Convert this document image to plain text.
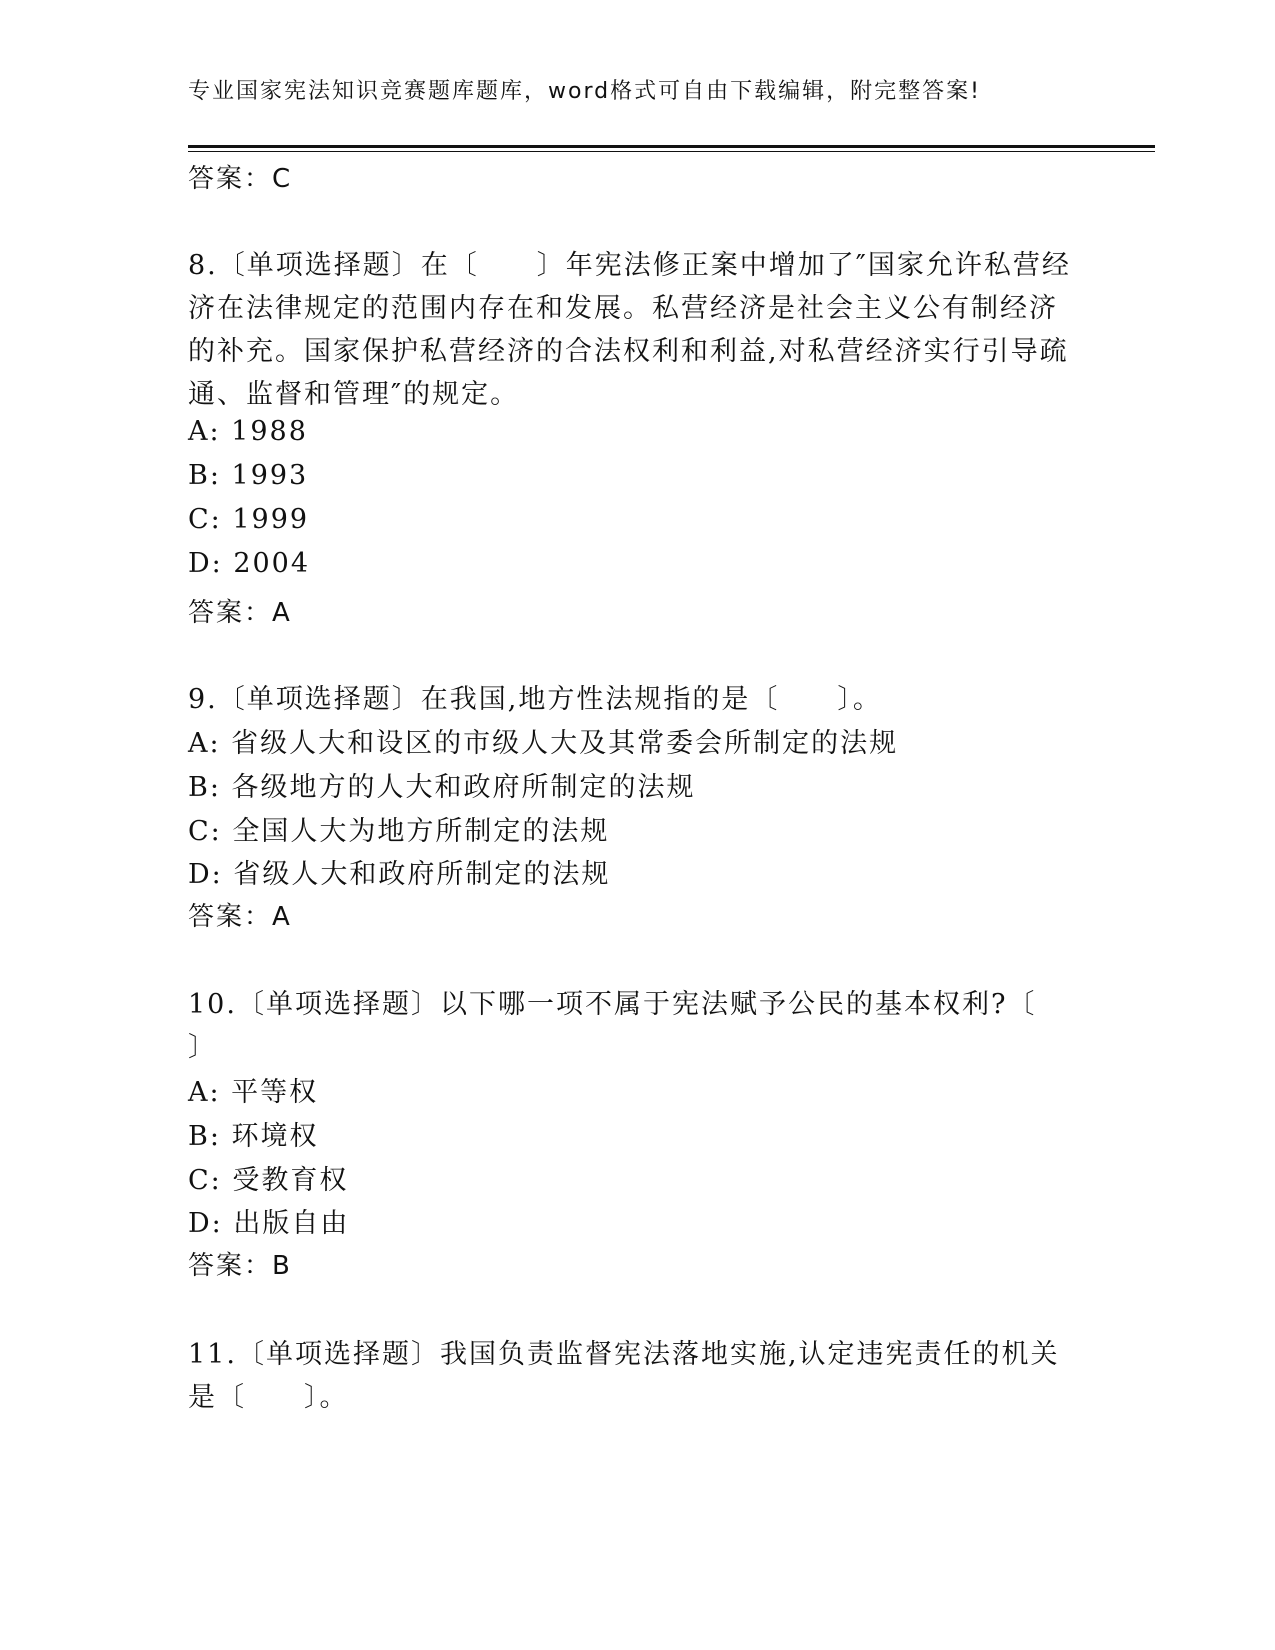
专业国家宪法知识竞赛题库题库，word格式可自由下载编辑，附完整答案!
答案：C
8.〔单项选择题〕在〔　　〕年宪法修正案中增加了″国家允许私营经
济在法律规定的范围内存在和发展。私营经济是社会主义公有制经济
的补充。国家保护私营经济的合法权利和利益,对私营经济实行引导疏
通、监督和管理″的规定。
A: 1988
B: 1993
C: 1999
D: 2004
答案：A
9.〔单项选择题〕在我国,地方性法规指的是〔　　〕。
A: 省级人大和设区的市级人大及其常委会所制定的法规
B: 各级地方的人大和政府所制定的法规
C: 全国人大为地方所制定的法规
D: 省级人大和政府所制定的法规
答案：A
10.〔单项选择题〕以下哪一项不属于宪法赋予公民的基本权利?〔
〕
A: 平等权
B: 环境权
C: 受教育权
D: 出版自由
答案：B
11.〔单项选择题〕我国负责监督宪法落地实施,认定违宪责任的机关
是〔　　〕。
